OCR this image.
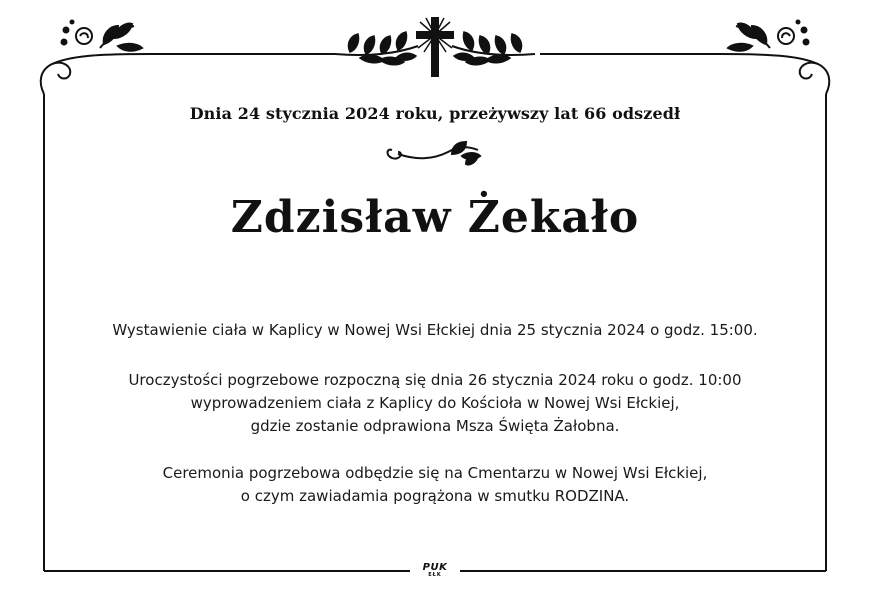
Dnia 24 stycznia 2024 roku, przeżywszy lat 66 odszedł
Zdzisław Żekało
Wystawienie ciała w Kaplicy w Nowej Wsi Ełckiej dnia 25 stycznia 2024 o godz. 15:00.
Uroczystości pogrzebowe rozpoczną się dnia 26 stycznia 2024 roku o godz. 10:00
wyprowadzeniem ciała z Kaplicy do Kościoła w Nowej Wsi Ełckiej,
gdzie zostanie odprawiona Msza Święta Żałobna.
Ceremonia pogrzebowa odbędzie się na Cmentarzu w Nowej Wsi Ełckiej,
o czym zawiadamia pogrążona w smutku RODZINA.
PUK
EŁK
